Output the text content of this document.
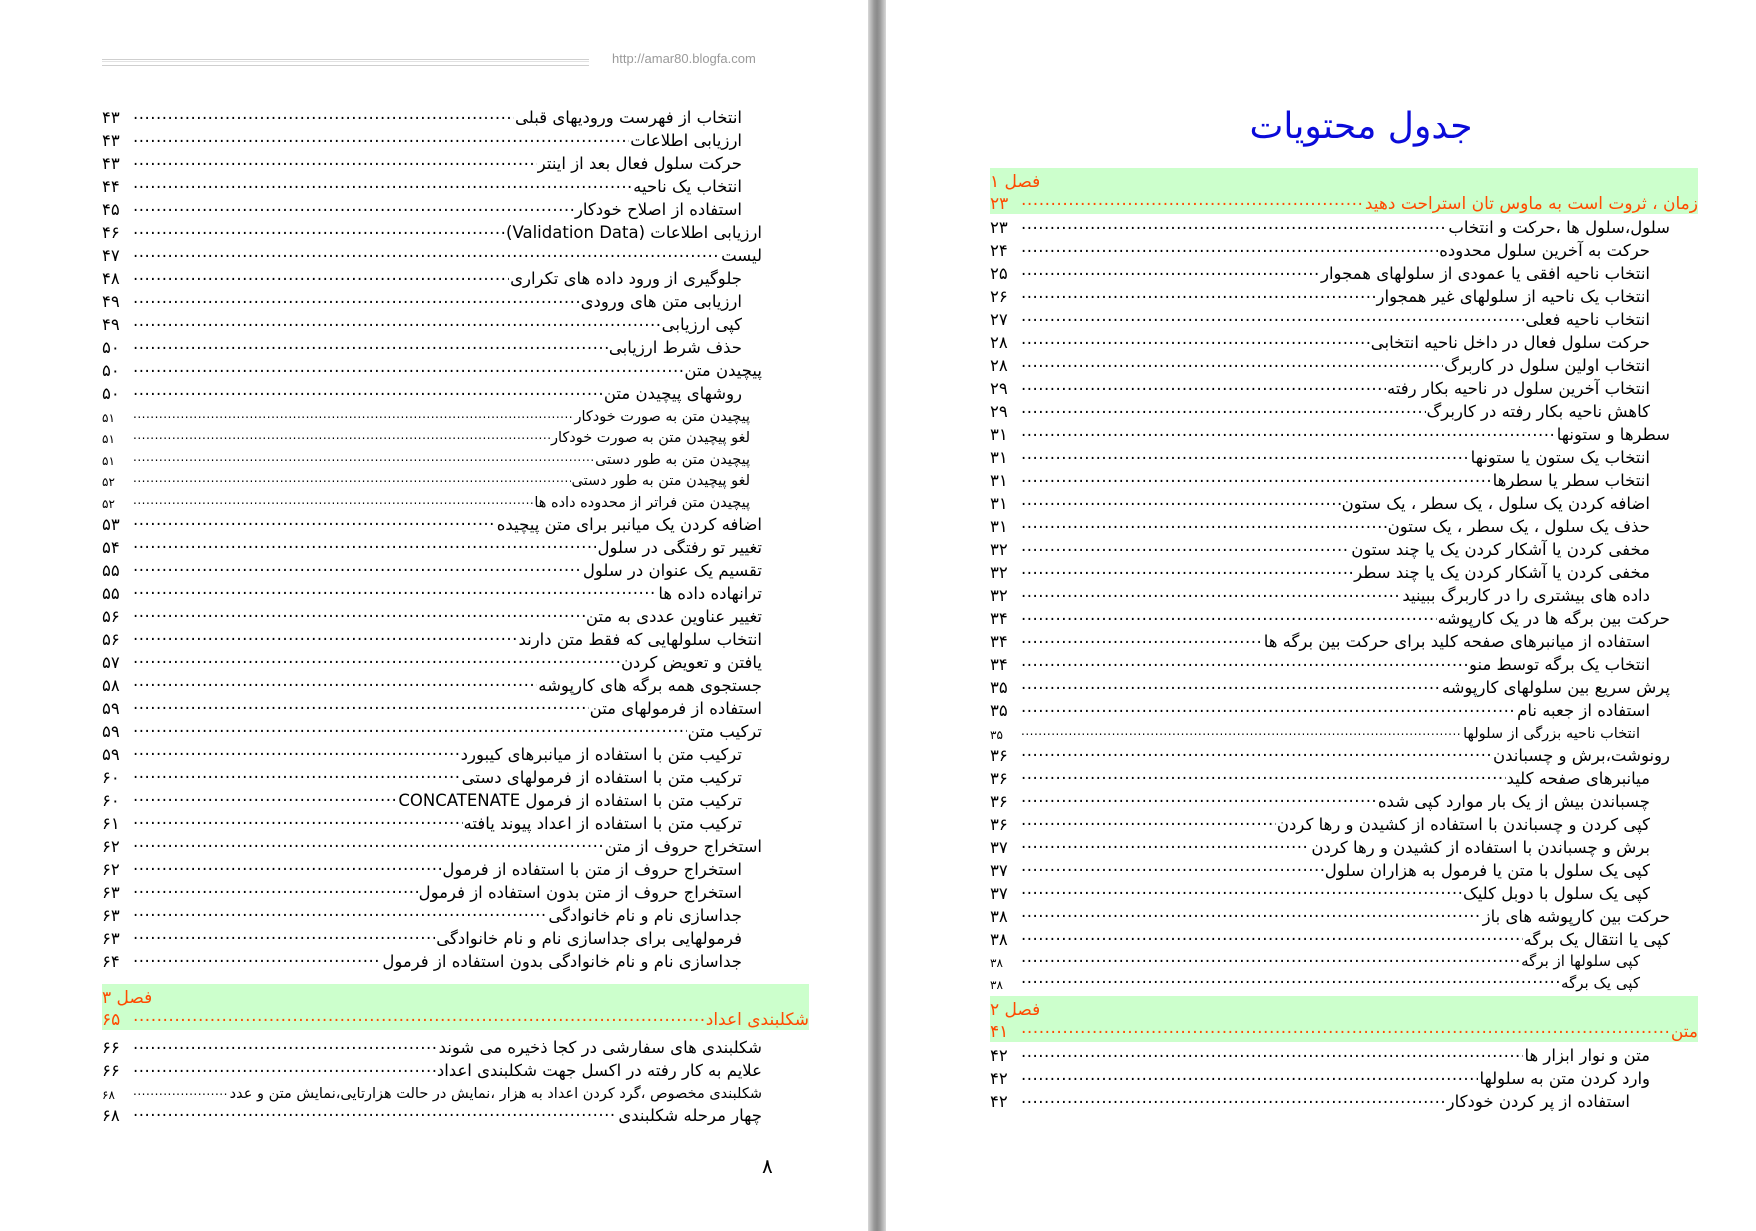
http://amar80.blogfa.com
۴۳ .....	انتخاب از فهرست ورودیهای قبلی
۴۳ .....	ارزیابی اطلاعات
۴۳ .....	حرکت سلول فعال بعد از اینتر
۴۴ .....	انتخاب یک ناحیه
۴۵ .....	استفاده از اصلاح خودکار
۴۶ .....	ارزیابی اطلاعات (Validation Data)
۴۷ .....	لیست
۴۸ .....	جلوگیری از ورود داده های تکراری
۴۹ .....	ارزیابی متن های ورودی
۴۹ .....	کپی ارزیابی
۵۰ .....	حذف شرط ارزیابی
۵۰ .....	پیچیدن متن
۵۰ .....	روشهای پیچیدن متن
۵۱ .....	پیچیدن متن به صورت خودکار
۵۱ .....	لغو پیچیدن متن به صورت خودکار
۵۱ .....	پیچیدن متن به طور دستی
۵۲ .....	لغو پیچیدن متن به طور دستی
۵۲ .....	پیچیدن متن فراتر از محدوده داده ها
۵۳ .....	اضافه کردن یک میانبر برای متن پیچیده
۵۴ .....	تغییر تو رفتگی در سلول
۵۵ .....	تقسیم یک عنوان در سلول
۵۵ .....	ترانهاده داده ها
۵۶ .....	تغییر عناوین عددی به متن
۵۶ .....	انتخاب سلولهایی که فقط متن دارند
۵۷ .....	یافتن و تعویض کردن
۵۸ .....	جستجوی همه برگه های کارپوشه
۵۹ .....	استفاده از فرمولهای متن
۵۹ .....	ترکیب متن
۵۹ .....	ترکیب متن با استفاده از میانبرهای کیبورد
۶۰ .....	ترکیب متن با استفاده از فرمولهای دستی
۶۰ .....	ترکیب متن با استفاده از فرمول CONCATENATE
۶۱ .....	ترکیب متن با استفاده از اعداد پیوند یافته
۶۲ .....	استخراج حروف از متن
۶۲ .....	استخراج حروف از متن با استفاده از فرمول
۶۳ .....	استخراج حروف از متن بدون استفاده از فرمول
۶۳ .....	جداسازی نام و نام خانوادگی
۶۳ .....	فرمولهایی برای جداسازی نام و نام خانوادگی
۶۴ .....	جداسازی نام و نام خانوادگی بدون استفاده از فرمول
فصل ۳
۶۵ .....	شکلبندی اعداد
۶۶ .....	شکلبندی های سفارشی در کجا ذخیره می شوند
۶۶ .....	علایم به کار رفته در اکسل جهت شکلبندی اعداد
۶۸ .....	شکلبندی مخصوص ،گرد کردن اعداد به هزار ،نمایش در حالت هزارتایی،نمایش متن و عدد
۶۸ .....	چهار مرحله شکلبندی
۸
جدول محتویات
فصل ۱
۲۳ .....	زمان ، ثروت است به ماوس تان استراحت دهید
۲۳ .....	سلول،سلول ها ،حرکت و انتخاب
۲۴ .....	حرکت به آخرین سلول محدوده
۲۵ .....	انتخاب ناحیه افقی یا عمودی از سلولهای همجوار
۲۶ .....	انتخاب یک ناحیه از سلولهای غیر همجوار
۲۷ .....	انتخاب ناحیه فعلی
۲۸ .....	حرکت سلول فعال در داخل ناحیه انتخابی
۲۸ .....	انتخاب اولین سلول در کاربرگ
۲۹ .....	انتخاب آخرین سلول در ناحیه بکار رفته
۲۹ .....	کاهش ناحیه بکار رفته در کاربرگ
۳۱ .....	سطرها و ستونها
۳۱ .....	انتخاب یک ستون یا ستونها
۳۱ .....	انتخاب سطر یا سطرها
۳۱ .....	اضافه کردن یک سلول ، یک سطر ، یک ستون
۳۱ .....	حذف یک سلول ، یک سطر ، یک ستون
۳۲ .....	مخفی کردن یا آشکار کردن یک یا چند ستون
۳۲ .....	مخفی کردن یا آشکار کردن یک یا چند سطر
۳۲ .....	داده های بیشتری را در کاربرگ ببینید
۳۴ .....	حرکت بین برگه ها در یک کارپوشه
۳۴ .....	استفاده از میانبرهای صفحه کلید برای حرکت بین برگه ها
۳۴ .....	انتخاب یک برگه توسط منو
۳۵ .....	پرش سریع بین سلولهای کارپوشه
۳۵ .....	استفاده از جعبه نام
۳۵ .....	انتخاب ناحیه بزرگی از سلولها
۳۶ .....	رونوشت،برش و چسباندن
۳۶ .....	میانبرهای صفحه کلید
۳۶ .....	چسباندن بیش از یک بار موارد کپی شده
۳۶ .....	کپی کردن و چسباندن با استفاده از کشیدن و رها کردن
۳۷ .....	برش و چسباندن با استفاده از کشیدن و رها کردن
۳۷ .....	کپی یک سلول با متن یا فرمول به هزاران سلول
۳۷ .....	کپی یک سلول با دوبل کلیک
۳۸ .....	حرکت بین کارپوشه های باز
۳۸ .....	کپی یا انتقال یک برگه
۳۸ .....	کپی سلولها از برگه
۳۸ .....	کپی یک برگه
فصل ۲
۴۱ .....	متن
۴۲ .....	متن و نوار ابزار ها
۴۲ .....	وارد کردن متن به سلولها
۴۲ .....	استفاده از پر کردن خودکار
